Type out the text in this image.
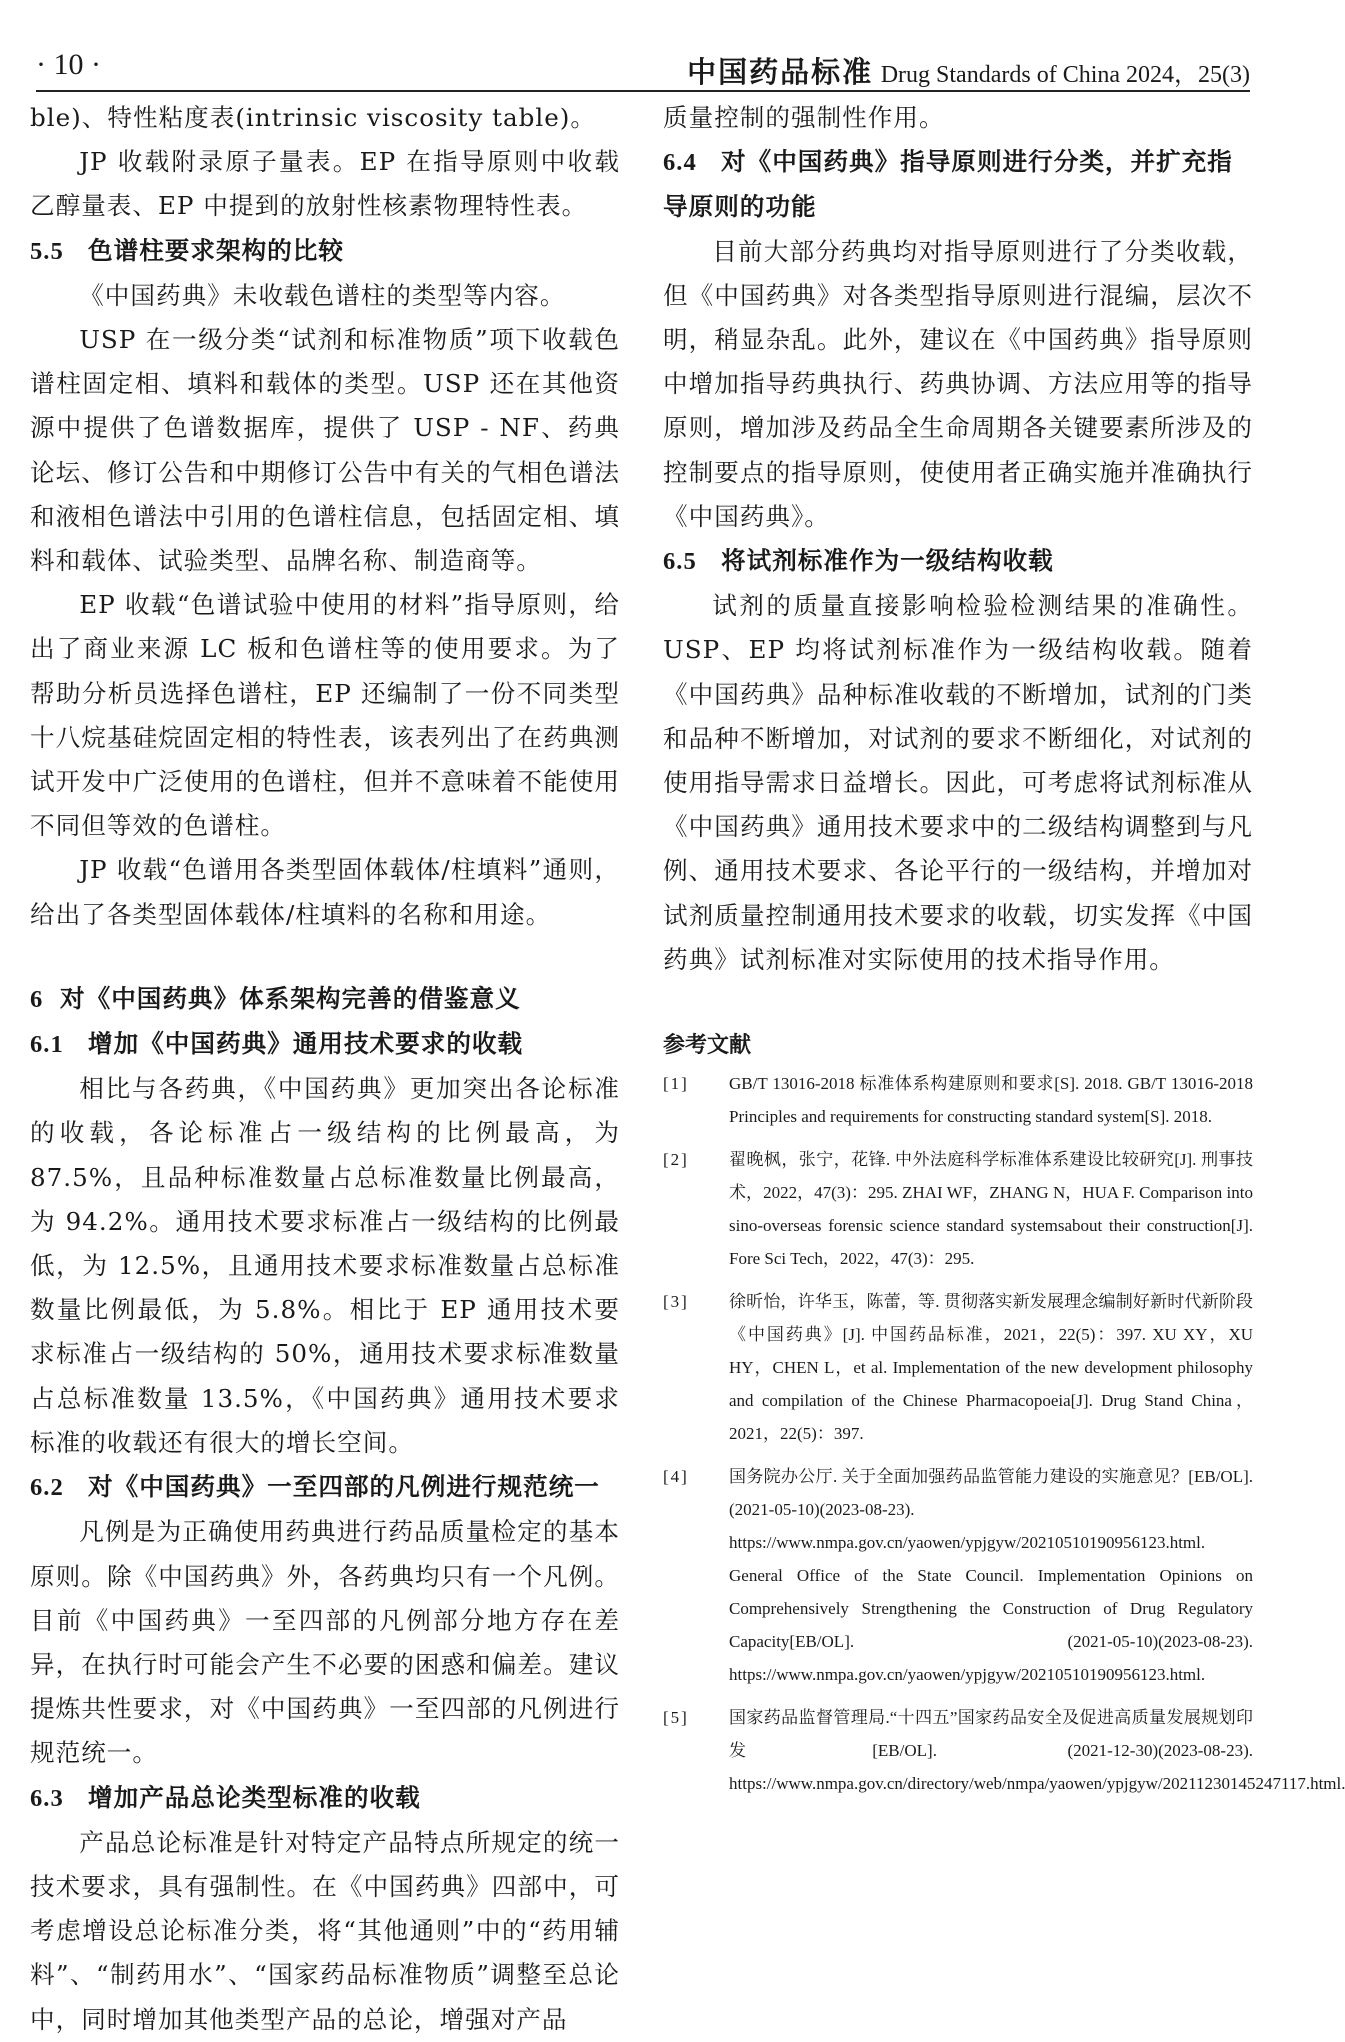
· 10 ·	中国药品标准 Drug Standards of China 2024，25(3)

ble)、特性粘度表(intrinsic viscosity table)。

JP 收载附录原子量表。EP 在指导原则中收载乙醇量表、EP 中提到的放射性核素物理特性表。

5.5 色谱柱要求架构的比较

《中国药典》未收载色谱柱的类型等内容。

USP 在一级分类“试剂和标准物质”项下收载色谱柱固定相、填料和载体的类型。USP 还在其他资源中提供了色谱数据库，提供了 USP - NF、药典论坛、修订公告和中期修订公告中有关的气相色谱法和液相色谱法中引用的色谱柱信息，包括固定相、填料和载体、试验类型、品牌名称、制造商等。

EP 收载“色谱试验中使用的材料”指导原则，给出了商业来源 LC 板和色谱柱等的使用要求。为了帮助分析员选择色谱柱，EP 还编制了一份不同类型十八烷基硅烷固定相的特性表，该表列出了在药典测试开发中广泛使用的色谱柱，但并不意味着不能使用不同但等效的色谱柱。

JP 收载“色谱用各类型固体载体/柱填料”通则，给出了各类型固体载体/柱填料的名称和用途。

6 对《中国药典》体系架构完善的借鉴意义

6.1 增加《中国药典》通用技术要求的收载

相比与各药典，《中国药典》更加突出各论标准的收载，各论标准占一级结构的比例最高，为 87.5%，且品种标准数量占总标准数量比例最高，为 94.2%。通用技术要求标准占一级结构的比例最低，为 12.5%，且通用技术要求标准数量占总标准数量比例最低，为 5.8%。相比于 EP 通用技术要求标准占一级结构的 50%，通用技术要求标准数量占总标准数量 13.5%，《中国药典》通用技术要求标准的收载还有很大的增长空间。

6.2 对《中国药典》一至四部的凡例进行规范统一

凡例是为正确使用药典进行药品质量检定的基本原则。除《中国药典》外，各药典均只有一个凡例。目前《中国药典》一至四部的凡例部分地方存在差异，在执行时可能会产生不必要的困惑和偏差。建议提炼共性要求，对《中国药典》一至四部的凡例进行规范统一。

6.3 增加产品总论类型标准的收载

产品总论标准是针对特定产品特点所规定的统一技术要求，具有强制性。在《中国药典》四部中，可考虑增设总论标准分类，将“其他通则”中的“药用辅料”、“制药用水”、“国家药品标准物质”调整至总论中，同时增加其他类型产品的总论，增强对产品

质量控制的强制性作用。

6.4 对《中国药典》指导原则进行分类，并扩充指导原则的功能

目前大部分药典均对指导原则进行了分类收载，但《中国药典》对各类型指导原则进行混编，层次不明，稍显杂乱。此外，建议在《中国药典》指导原则中增加指导药典执行、药典协调、方法应用等的指导原则，增加涉及药品全生命周期各关键要素所涉及的控制要点的指导原则，使使用者正确实施并准确执行《中国药典》。

6.5 将试剂标准作为一级结构收载

试剂的质量直接影响检验检测结果的准确性。USP、EP 均将试剂标准作为一级结构收载。随着《中国药典》品种标准收载的不断增加，试剂的门类和品种不断增加，对试剂的要求不断细化，对试剂的使用指导需求日益增长。因此，可考虑将试剂标准从《中国药典》通用技术要求中的二级结构调整到与凡例、通用技术要求、各论平行的一级结构，并增加对试剂质量控制通用技术要求的收载，切实发挥《中国药典》试剂标准对实际使用的技术指导作用。

参考文献
[1] GB/T 13016-2018 标准体系构建原则和要求[S]. 2018. GB/T 13016-2018 Principles and requirements for constructing standard system[S]. 2018.

[2] 翟晚枫，张宁，花锋. 中外法庭科学标准体系建设比较研究[J]. 刑事技术，2022，47(3)：295. ZHAI WF，ZHANG N，HUA F. Comparison into sino-overseas forensic science standard systemsabout their construction[J]. Fore Sci Tech，2022，47(3)：295.

[3] 徐昕怡，许华玉，陈蕾，等. 贯彻落实新发展理念编制好新时代新阶段《中国药典》[J]. 中国药品标准，2021，22(5)：397. XU XY，XU HY，CHEN L，et al. Implementation of the new development philosophy and compilation of the Chinese Pharmacopoeia[J]. Drug Stand China，2021，22(5)：397.

[4] 国务院办公厅. 关于全面加强药品监管能力建设的实施意见？[EB/OL]. (2021-05-10)(2023-08-23). https://www.nmpa.gov.cn/yaowen/ypjgyw/20210510190956123.html. General Office of the State Council. Implementation Opinions on Comprehensively Strengthening the Construction of Drug Regulatory Capacity[EB/OL]. (2021-05-10)(2023-08-23). https://www.nmpa.gov.cn/yaowen/ypjgyw/20210510190956123.html.

[5] 国家药品监督管理局.“十四五”国家药品安全及促进高质量发展规划印发[EB/OL]. (2021-12-30)(2023-08-23). https://www.nmpa.gov.cn/directory/web/nmpa/yaowen/ypjgyw/20211230145247117.html.
